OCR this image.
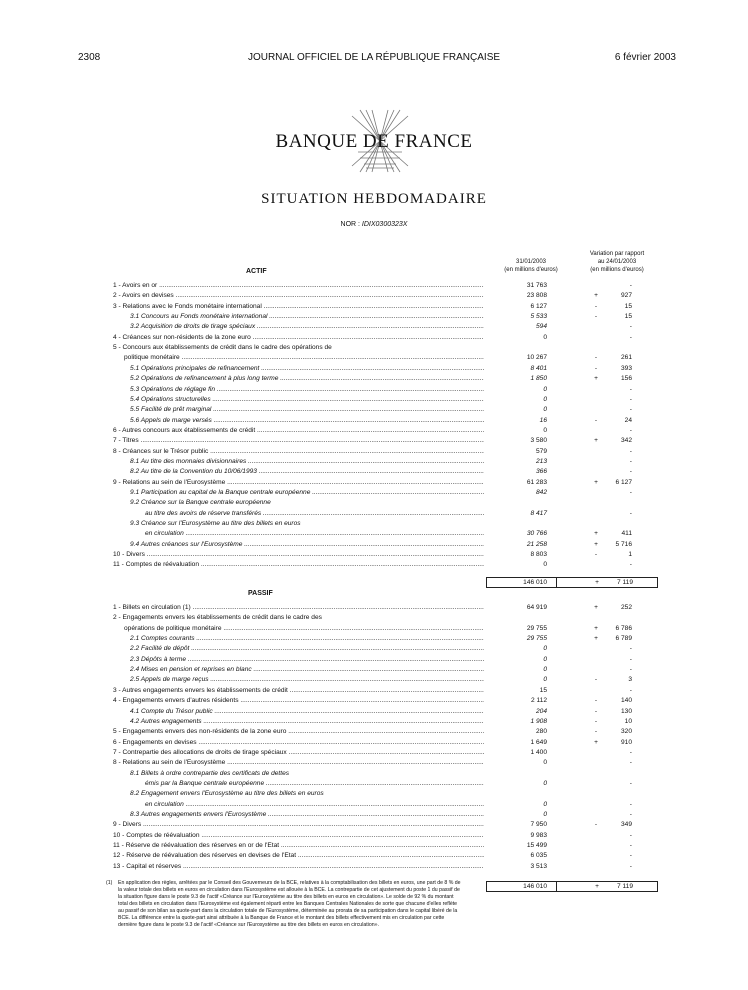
2308	JOURNAL OFFICIEL DE LA RÉPUBLIQUE FRANÇAISE	6 février 2003
BANQUE DE FRANCE
SITUATION HEBDOMADAIRE
NOR : IDIX0300323X
31/01/2003
(en millions d'euros)
Variation par rapport
au 24/01/2003
(en millions d'euros)
ACTIF
1 - Avoirs en or .....	31 763	-
2 - Avoirs en devises .....	23 808	+	927
3 - Relations avec le Fonds monétaire international .....	6 127	-	15
3.1 Concours au Fonds monétaire international .....	5 533	-	15
3.2 Acquisition de droits de tirage spéciaux .....	594	-
4 - Créances sur non-résidents de la zone euro .....	0	-
5 - Concours aux établissements de crédit dans le cadre des opérations de
politique monétaire .....	10 267	-	261
5.1 Opérations principales de refinancement .....	8 401	-	393
5.2 Opérations de refinancement à plus long terme .....	1 850	+	156
5.3 Opérations de réglage fin .....	0	-
5.4 Opérations structurelles .....	0	-
5.5 Facilité de prêt marginal .....	0	-
5.6 Appels de marge versés .....	16	-	24
6 - Autres concours aux établissements de crédit .....	0	-
7 - Titres .....	3 580	+	342
8 - Créances sur le Trésor public .....	579	-
8.1 Au titre des monnaies divisionnaires .....	213	-
8.2 Au titre de la Convention du 10/06/1993 .....	366	-
9 - Relations au sein de l'Eurosystème .....	61 283	+	6 127
9.1 Participation au capital de la Banque centrale européenne .....	842	-
9.2 Créance sur la Banque centrale européenne
au titre des avoirs de réserve transférés .....	8 417	-
9.3 Créance sur l'Eurosystème au titre des billets en euros
en circulation .....	30 766	+	411
9.4 Autres créances sur l'Eurosystème .....	21 258	+	5 716
10 - Divers .....	8 803	-	1
11 - Comptes de réévaluation .....	0	-
146 010	+	7 119
PASSIF
1 - Billets en circulation (1) .....	64 919	+	252
2 - Engagements envers les établissements de crédit dans le cadre des
opérations de politique monétaire .....	29 755	+	6 786
2.1 Comptes courants .....	29 755	+	6 789
2.2 Facilité de dépôt .....	0	-
2.3 Dépôts à terme .....	0	-
2.4 Mises en pension et reprises en blanc .....	0	-
2.5 Appels de marge reçus .....	0	-	3
3 - Autres engagements envers les établissements de crédit .....	15	-
4 - Engagements envers d'autres résidents .....	2 112	-	140
4.1 Compte du Trésor public .....	204	-	130
4.2 Autres engagements .....	1 908	-	10
5 - Engagements envers des non-résidents de la zone euro .....	280	-	320
6 - Engagements en devises .....	1 649	+	910
7 - Contrepartie des allocations de droits de tirage spéciaux .....	1 400	-
8 - Relations au sein de l'Eurosystème .....	0	-
8.1 Billets à ordre contrepartie des certificats de dettes
émis par la Banque centrale européenne .....	0	-
8.2 Engagement envers l'Eurosystème au titre des billets en euros
en circulation .....	0	-
8.3 Autres engagements envers l'Eurosystème .....	0	-
9 - Divers .....	7 950	-	349
10 - Comptes de réévaluation .....	9 983	-
11 - Réserve de réévaluation des réserves en or de l'Etat .....	15 499	-
12 - Réserve de réévaluation des réserves en devises de l'Etat .....	6 035	-
13 - Capital et réserves .....	3 513	-
146 010	+	7 119
(1) En application des règles, arrêtées par le Conseil des Gouverneurs de la BCE, relatives à la comptabilisation des billets en euros, une part de 8 % de la valeur totale des billets en euros en circulation dans l'Eurosystème est allouée à la BCE. La contrepartie de cet ajustement du poste 1 du passif de la situation figure dans le poste 9.3 de l'actif «Créance sur l'Eurosystème au titre des billets en euros en circulation». Le solde de 92 % du montant total des billets en circulation dans l'Eurosystème est également réparti entre les Banques Centrales Nationales de sorte que chacune d'elles reflète au passif de son bilan sa quote-part dans la circulation totale de l'Eurosystème, déterminée au prorata de sa participation dans le capital libéré de la BCE. La différence entre la quote-part ainsi attribuée à la Banque de France et le montant des billets effectivement mis en circulation par cette dernière figure dans le poste 9.3 de l'actif «Créance sur l'Eurosystème au titre des billets en euros en circulation».
